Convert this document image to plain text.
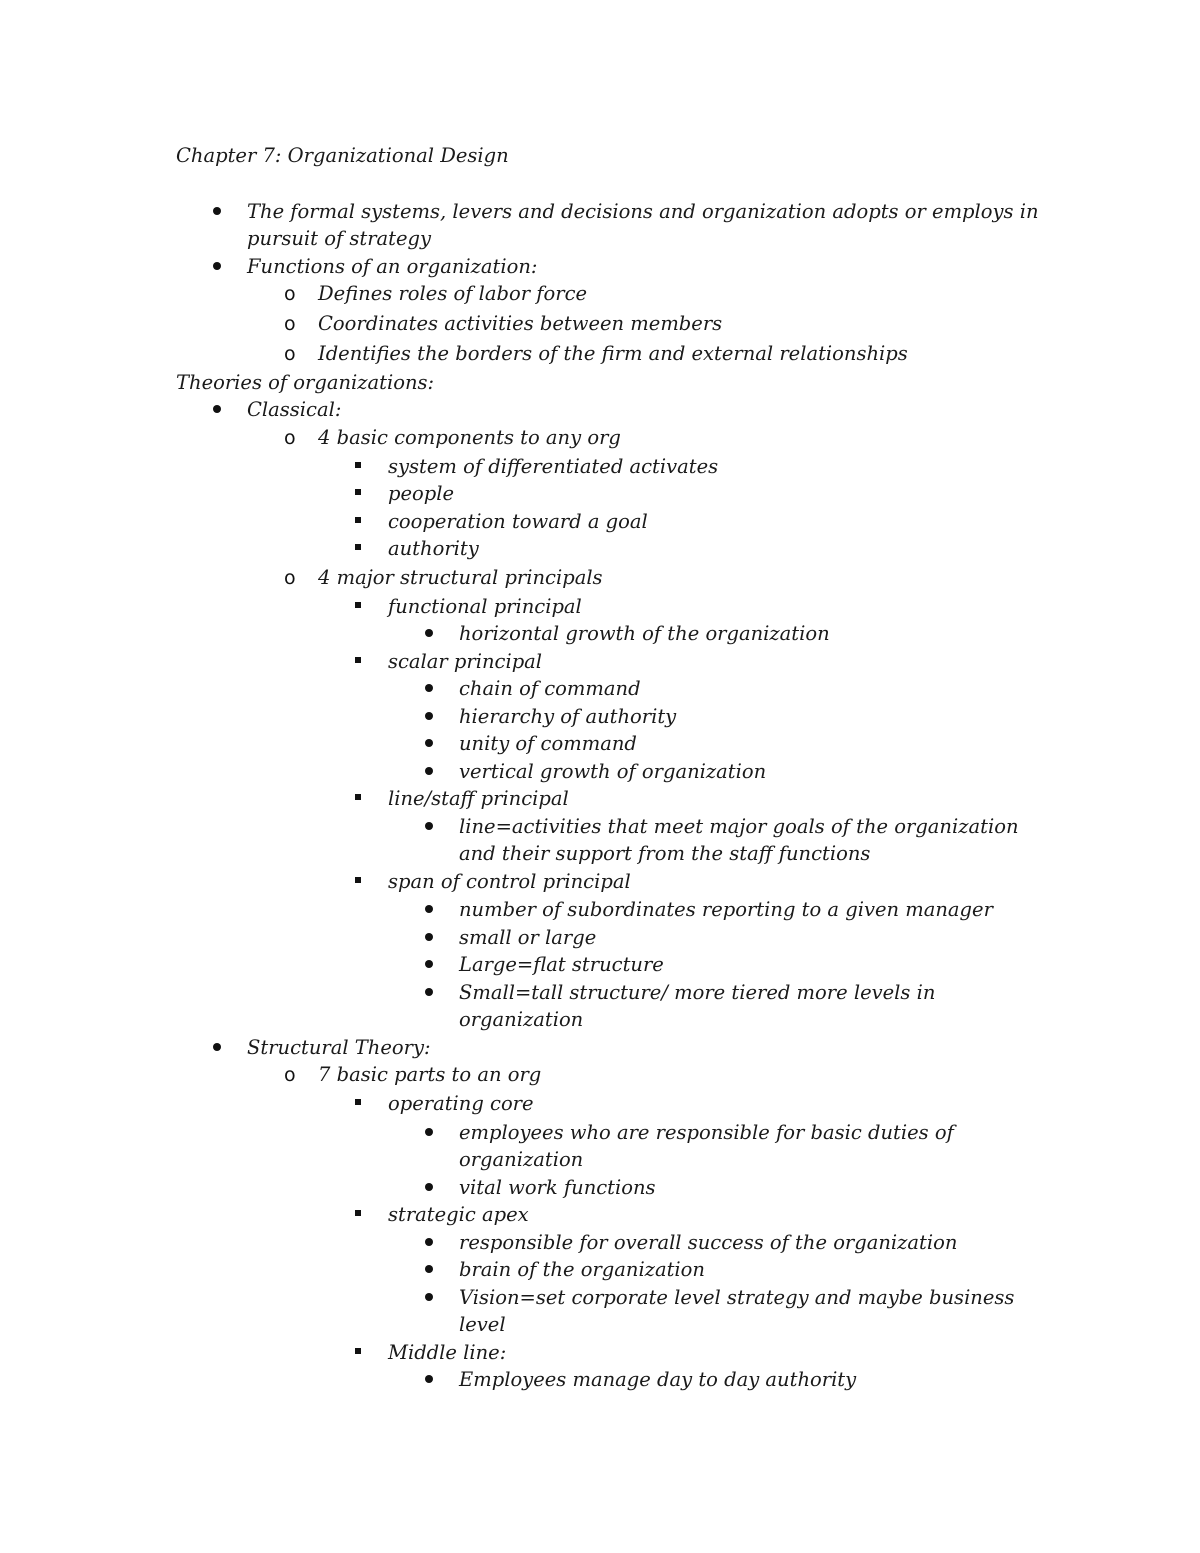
Chapter 7: Organizational Design
The formal systems, levers and decisions and organization adopts or employs in
pursuit of strategy
Functions of an organization:
o Defines roles of labor force
o Coordinates activities between members
o Identifies the borders of the firm and external relationships
Theories of organizations:
Classical:
o 4 basic components to any org
system of differentiated activates
people
cooperation toward a goal
authority
o 4 major structural principals
functional principal
horizontal growth of the organization
scalar principal
chain of command
hierarchy of authority
unity of command
vertical growth of organization
line/staff principal
line=activities that meet major goals of the organization
and their support from the staff functions
span of control principal
number of subordinates reporting to a given manager
small or large
Large=flat structure
Small=tall structure/ more tiered more levels in
organization
Structural Theory:
o 7 basic parts to an org
operating core
employees who are responsible for basic duties of
organization
vital work functions
strategic apex
responsible for overall success of the organization
brain of the organization
Vision=set corporate level strategy and maybe business
level
Middle line:
Employees manage day to day authority
